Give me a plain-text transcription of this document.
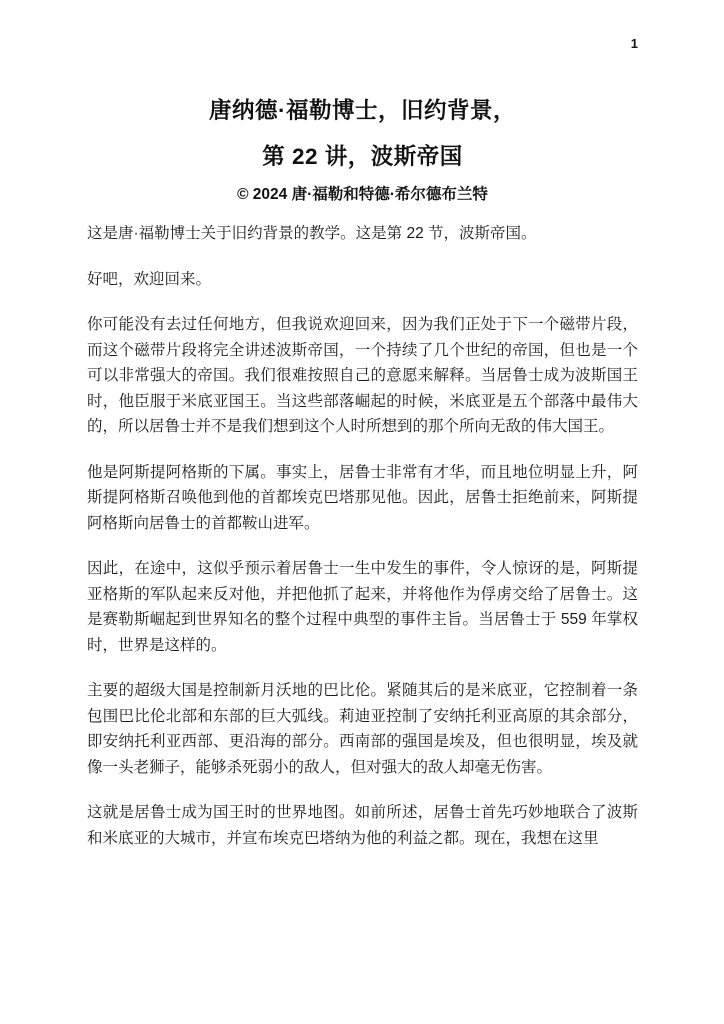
1
唐纳德·福勒博士，旧约背景，
第 22 讲，波斯帝国
© 2024 唐·福勒和特德·希尔德布兰特

这是唐·福勒博士关于旧约背景的教学。这是第 22 节，波斯帝国。

好吧，欢迎回来。

你可能没有去过任何地方，但我说欢迎回来，因为我们正处于下一个磁带片段，而这个磁带片段将完全讲述波斯帝国，一个持续了几个世纪的帝国，但也是一个可以非常强大的帝国。我们很难按照自己的意愿来解释。当居鲁士成为波斯国王时，他臣服于米底亚国王。当这些部落崛起的时候，米底亚是五个部落中最伟大的，所以居鲁士并不是我们想到这个人时所想到的那个所向无敌的伟大国王。

他是阿斯提阿格斯的下属。事实上，居鲁士非常有才华，而且地位明显上升，阿斯提阿格斯召唤他到他的首都埃克巴塔那见他。因此，居鲁士拒绝前来，阿斯提阿格斯向居鲁士的首都鞍山进军。

因此，在途中，这似乎预示着居鲁士一生中发生的事件，令人惊讶的是，阿斯提亚格斯的军队起来反对他，并把他抓了起来，并将他作为俘虏交给了居鲁士。这是赛勒斯崛起到世界知名的整个过程中典型的事件主旨。当居鲁士于 559 年掌权时，世界是这样的。

主要的超级大国是控制新月沃地的巴比伦。紧随其后的是米底亚，它控制着一条包围巴比伦北部和东部的巨大弧线。莉迪亚控制了安纳托利亚高原的其余部分，即安纳托利亚西部、更沿海的部分。西南部的强国是埃及，但也很明显，埃及就像一头老狮子，能够杀死弱小的敌人，但对强大的敌人却毫无伤害。

这就是居鲁士成为国王时的世界地图。如前所述，居鲁士首先巧妙地联合了波斯和米底亚的大城市，并宣布埃克巴塔纳为他的利益之都。现在，我想在这里
